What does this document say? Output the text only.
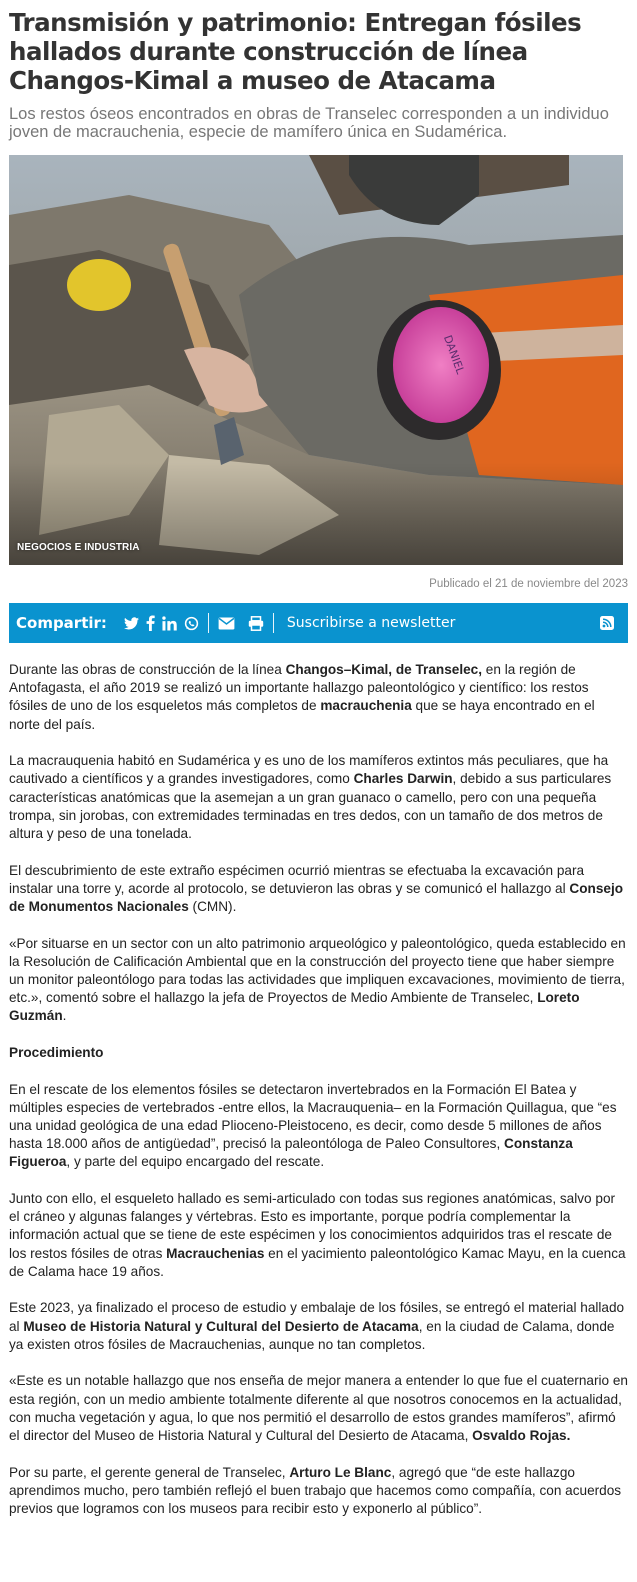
Transmisión y patrimonio: Entregan fósiles hallados durante construcción de línea Changos-Kimal a museo de Atacama
Los restos óseos encontrados en obras de Transelec corresponden a un individuo joven de macrauchenia, especie de mamífero única en Sudamérica.
NEGOCIOS E INDUSTRIA
Publicado el 21 de noviembre del 2023
Compartir:	Suscribirse a newsletter

Durante las obras de construcción de la línea Changos–Kimal, de Transelec, en la región de Antofagasta, el año 2019 se realizó un importante hallazgo paleontológico y científico: los restos fósiles de uno de los esqueletos más completos de macrauchenia que se haya encontrado en el norte del país.

La macrauquenia habitó en Sudamérica y es uno de los mamíferos extintos más peculiares, que ha cautivado a científicos y a grandes investigadores, como Charles Darwin, debido a sus particulares características anatómicas que la asemejan a un gran guanaco o camello, pero con una pequeña trompa, sin jorobas, con extremidades terminadas en tres dedos, con un tamaño de dos metros de altura y peso de una tonelada.

El descubrimiento de este extraño espécimen ocurrió mientras se efectuaba la excavación para instalar una torre y, acorde al protocolo, se detuvieron las obras y se comunicó el hallazgo al Consejo de Monumentos Nacionales (CMN).

«Por situarse en un sector con un alto patrimonio arqueológico y paleontológico, queda establecido en la Resolución de Calificación Ambiental que en la construcción del proyecto tiene que haber siempre un monitor paleontólogo para todas las actividades que impliquen excavaciones, movimiento de tierra, etc.», comentó sobre el hallazgo la jefa de Proyectos de Medio Ambiente de Transelec, Loreto Guzmán.

Procedimiento

En el rescate de los elementos fósiles se detectaron invertebrados en la Formación El Batea y múltiples especies de vertebrados -entre ellos, la Macrauquenia– en la Formación Quillagua, que “es una unidad geológica de una edad Plioceno-Pleistoceno, es decir, como desde 5 millones de años hasta 18.000 años de antigüedad”, precisó la paleontóloga de Paleo Consultores, Constanza Figueroa, y parte del equipo encargado del rescate.

Junto con ello, el esqueleto hallado es semi-articulado con todas sus regiones anatómicas, salvo por el cráneo y algunas falanges y vértebras. Esto es importante, porque podría complementar la información actual que se tiene de este espécimen y los conocimientos adquiridos tras el rescate de los restos fósiles de otras Macrauchenias en el yacimiento paleontológico Kamac Mayu, en la cuenca de Calama hace 19 años.

Este 2023, ya finalizado el proceso de estudio y embalaje de los fósiles, se entregó el material hallado al Museo de Historia Natural y Cultural del Desierto de Atacama, en la ciudad de Calama, donde ya existen otros fósiles de Macrauchenias, aunque no tan completos.

«Este es un notable hallazgo que nos enseña de mejor manera a entender lo que fue el cuaternario en esta región, con un medio ambiente totalmente diferente al que nosotros conocemos en la actualidad, con mucha vegetación y agua, lo que nos permitió el desarrollo de estos grandes mamíferos”, afirmó el director del Museo de Historia Natural y Cultural del Desierto de Atacama, Osvaldo Rojas.

Por su parte, el gerente general de Transelec, Arturo Le Blanc, agregó que “de este hallazgo aprendimos mucho, pero también reflejó el buen trabajo que hacemos como compañía, con acuerdos previos que logramos con los museos para recibir esto y exponerlo al público”.
